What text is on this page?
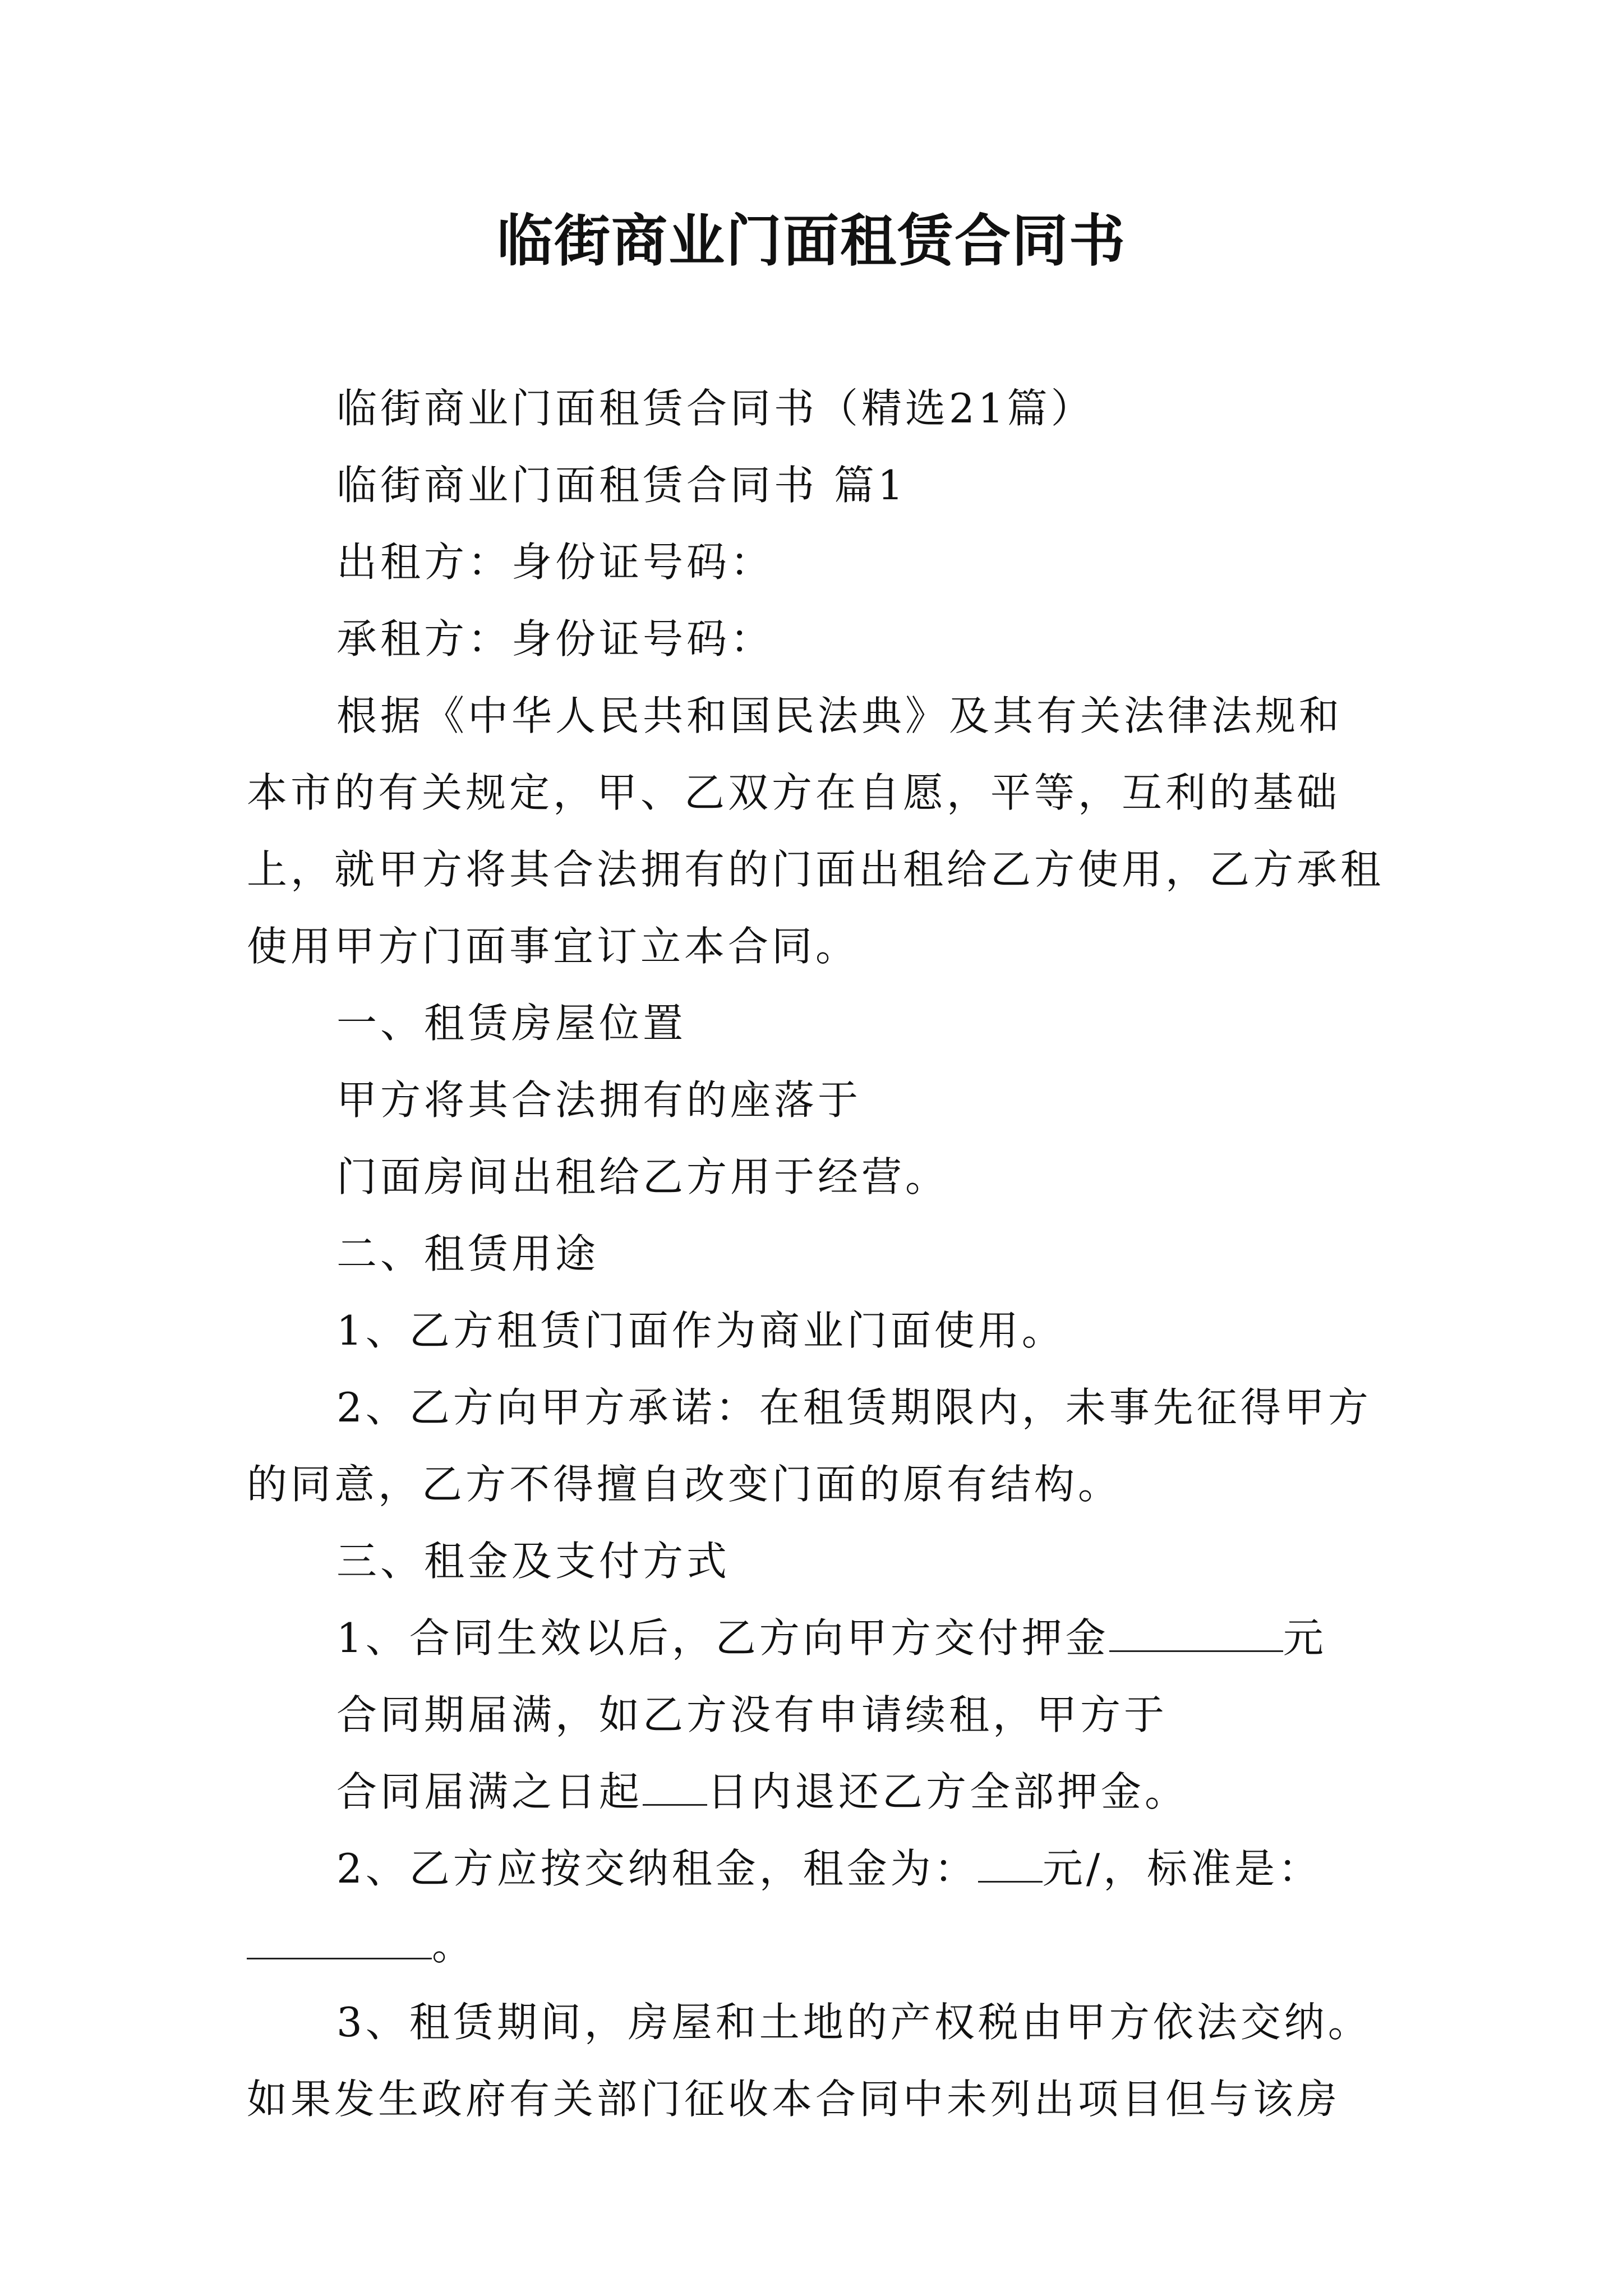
临街商业门面租赁合同书

临街商业门面租赁合同书（精选21篇）

临街商业门面租赁合同书 篇1

出租方：身份证号码：

承租方：身份证号码：

根据《中华人民共和国民法典》及其有关法律法规和本市的有关规定，甲、乙双方在自愿，平等，互利的基础上，就甲方将其合法拥有的门面出租给乙方使用，乙方承租使用甲方门面事宜订立本合同。

一、租赁房屋位置

甲方将其合法拥有的座落于

门面房间出租给乙方用于经营。

二、租赁用途

1、乙方租赁门面作为商业门面使用。

2、乙方向甲方承诺：在租赁期限内，未事先征得甲方的同意，乙方不得擅自改变门面的原有结构。

三、租金及支付方式

1、合同生效以后，乙方向甲方交付押金	元

合同期届满，如乙方没有申请续租，甲方于

合同届满之日起 日内退还乙方全部押金。

2、乙方应按交纳租金，租金为： 元/，标准是：。

3、租赁期间，房屋和土地的产权税由甲方依法交纳。如果发生政府有关部门征收本合同中未列出项目但与该房
